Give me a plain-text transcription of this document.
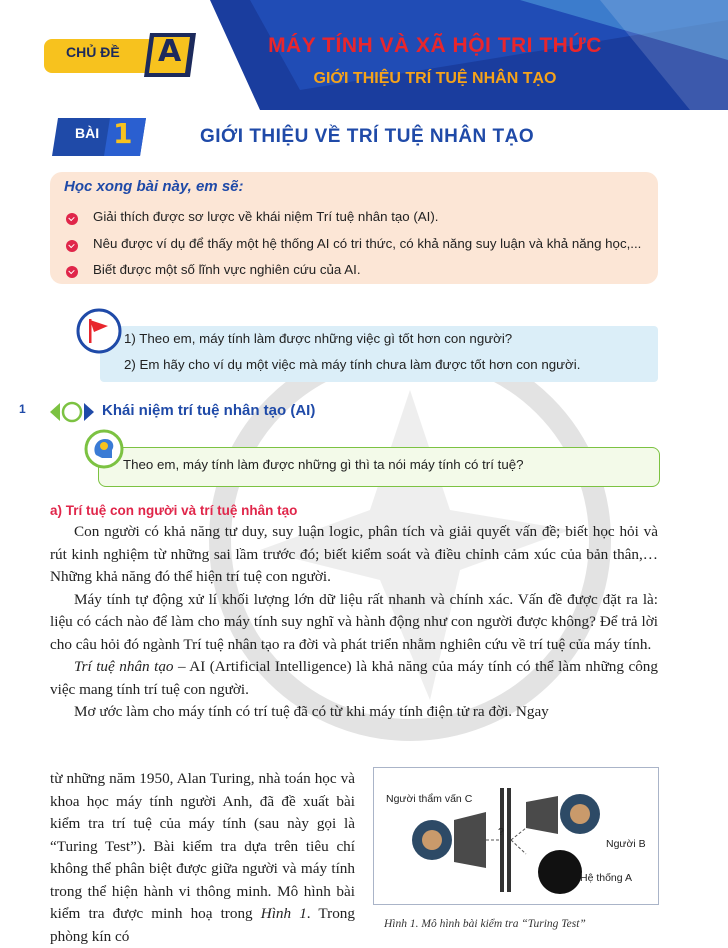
CHỦ ĐỀ A	MÁY TÍNH VÀ XÃ HỘI TRI THỨC
GIỚI THIỆU TRÍ TUỆ NHÂN TẠO
BÀI 1	GIỚI THIỆU VỀ TRÍ TUỆ NHÂN TẠO
Học xong bài này, em sẽ:
Giải thích được sơ lược về khái niệm Trí tuệ nhân tạo (AI).
Nêu được ví dụ để thấy một hệ thống AI có tri thức, có khả năng suy luận và khả năng học,...
Biết được một số lĩnh vực nghiên cứu của AI.
1) Theo em, máy tính làm được những việc gì tốt hơn con người?
2) Em hãy cho ví dụ một việc mà máy tính chưa làm được tốt hơn con người.
1	Khái niệm trí tuệ nhân tạo (AI)
Theo em, máy tính làm được những gì thì ta nói máy tính có trí tuệ?
a) Trí tuệ con người và trí tuệ nhân tạo

Con người có khả năng tư duy, suy luận logic, phân tích và giải quyết vấn đề; biết học hỏi và rút kinh nghiệm từ những sai lầm trước đó; biết kiểm soát và điều chỉnh cảm xúc của bản thân,… Những khả năng đó thể hiện trí tuệ con người.

Máy tính tự động xử lí khối lượng lớn dữ liệu rất nhanh và chính xác. Vấn đề được đặt ra là: liệu có cách nào để làm cho máy tính suy nghĩ và hành động như con người được không? Để trả lời cho câu hỏi đó ngành Trí tuệ nhân tạo ra đời và phát triển nhằm nghiên cứu về trí tuệ của máy tính.

Trí tuệ nhân tạo – AI (Artificial Intelligence) là khả năng của máy tính có thể làm những công việc mang tính trí tuệ con người.

Mơ ước làm cho máy tính có trí tuệ đã có từ khi máy tính điện tử ra đời. Ngay

từ những năm 1950, Alan Turing, nhà toán học và khoa học máy tính người Anh, đã đề xuất bài kiểm tra trí tuệ của máy tính (sau này gọi là “Turing Test”). Bài kiểm tra dựa trên tiêu chí không thể phân biệt được giữa người và máy tính trong thể hiện hành vi thông minh. Mô hình bài kiểm tra được minh hoạ trong Hình 1. Trong phòng kín có
Người thẩm vấn C
Người B
Hệ thống A
?
Hình 1. Mô hình bài kiểm tra “Turing Test”
